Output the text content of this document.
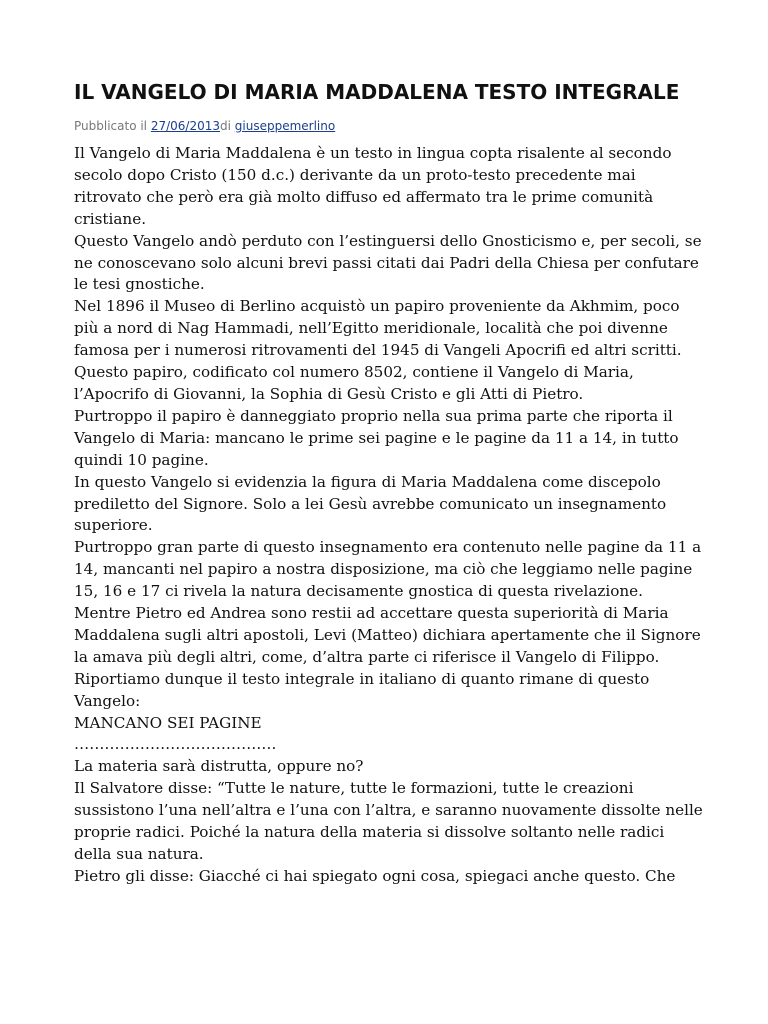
IL VANGELO DI MARIA MADDALENA TESTO INTEGRALE
Pubblicato il 27/06/2013di giuseppemerlino

Il Vangelo di Maria Maddalena è un testo in lingua copta risalente al secondo secolo dopo Cristo (150 d.c.) derivante da un proto-testo precedente mai ritrovato che però era già molto diffuso ed affermato tra le prime comunità cristiane.

Questo Vangelo andò perduto con l’estinguersi dello Gnosticismo e, per secoli, se ne conoscevano solo alcuni brevi passi citati dai Padri della Chiesa per confutare le tesi gnostiche.

Nel 1896 il Museo di Berlino acquistò un papiro proveniente da Akhmim, poco più a nord di Nag Hammadi, nell’Egitto meridionale, località che poi divenne famosa per i numerosi ritrovamenti del 1945 di Vangeli Apocrifi ed altri scritti.

Questo papiro, codificato col numero 8502, contiene il Vangelo di Maria, l’Apocrifo di Giovanni, la Sophia di Gesù Cristo e gli Atti di Pietro.

Purtroppo il papiro è danneggiato proprio nella sua prima parte che riporta il Vangelo di Maria: mancano le prime sei pagine e le pagine da 11 a 14, in tutto quindi 10 pagine.

In questo Vangelo si evidenzia la figura di Maria Maddalena come discepolo prediletto del Signore. Solo a lei Gesù avrebbe comunicato un insegnamento superiore.

Purtroppo gran parte di questo insegnamento era contenuto nelle pagine da 11 a 14, mancanti nel papiro a nostra disposizione, ma ciò che leggiamo nelle pagine 15, 16 e 17 ci rivela la natura decisamente gnostica di questa rivelazione.

Mentre Pietro ed Andrea sono restii ad accettare questa superiorità di Maria Maddalena sugli altri apostoli, Levi (Matteo) dichiara apertamente che il Signore la amava più degli altri, come, d’altra parte ci riferisce il Vangelo di Filippo.

Riportiamo dunque il testo integrale in italiano di quanto rimane di questo Vangelo:

MANCANO SEI PAGINE

………………………………….

La materia sarà distrutta, oppure no?

Il Salvatore disse: “Tutte le nature, tutte le formazioni, tutte le creazioni sussistono l’una nell’altra e l’una con l’altra, e saranno nuovamente dissolte nelle proprie radici. Poiché la natura della materia si dissolve soltanto nelle radici della sua natura.

Pietro gli disse: Giacché ci hai spiegato ogni cosa, spiegaci anche questo. Che
